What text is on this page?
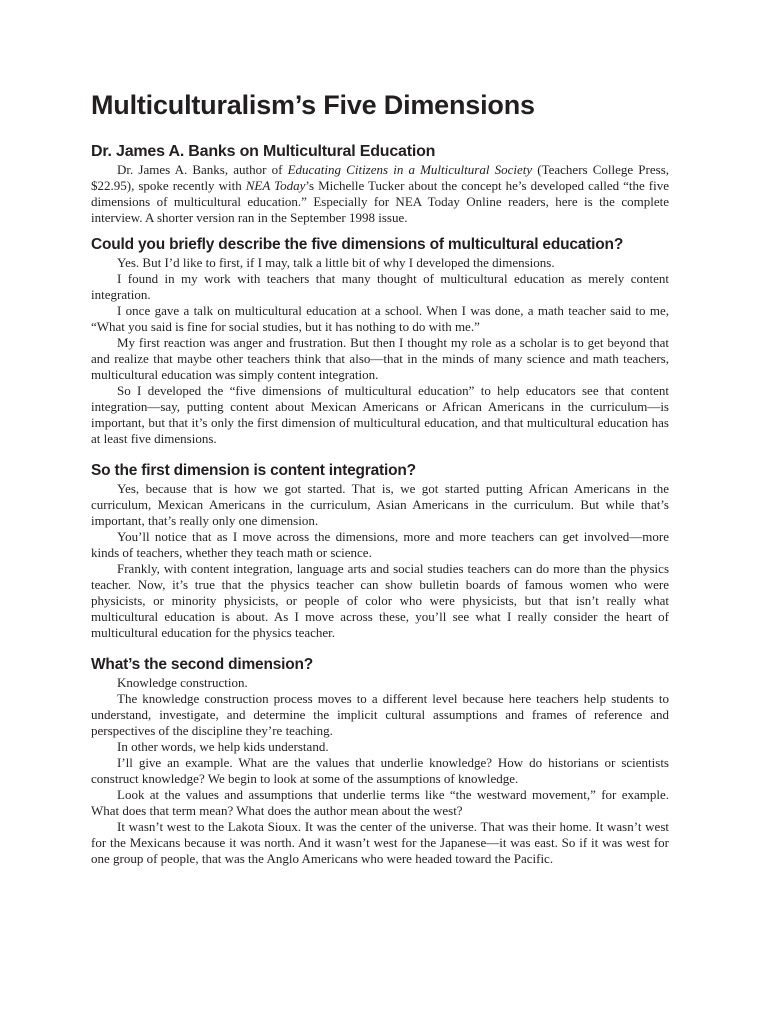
Multiculturalism’s Five Dimensions
Dr. James A. Banks on Multicultural Education

Dr. James A. Banks, author of Educating Citizens in a Multicultural Society (Teachers College Press, $22.95), spoke recently with NEA Today’s Michelle Tucker about the concept he’s developed called “the five dimensions of multicultural education.” Especially for NEA Today Online readers, here is the complete interview. A shorter version ran in the September 1998 issue.

Could you briefly describe the five dimensions of multicultural education?

Yes. But I’d like to first, if I may, talk a little bit of why I developed the dimensions.

I found in my work with teachers that many thought of multicultural education as merely content integration.

I once gave a talk on multicultural education at a school. When I was done, a math teacher said to me, “What you said is fine for social studies, but it has nothing to do with me.”

My first reaction was anger and frustration. But then I thought my role as a scholar is to get beyond that and realize that maybe other teachers think that also—that in the minds of many science and math teachers, multicultural education was simply content integration.

So I developed the “five dimensions of multicultural education” to help educators see that content integration—say, putting content about Mexican Americans or African Americans in the curriculum—is important, but that it’s only the first dimension of multicultural education, and that multicultural education has at least five dimensions.

So the first dimension is content integration?

Yes, because that is how we got started. That is, we got started putting African Americans in the curriculum, Mexican Americans in the curriculum, Asian Americans in the curriculum. But while that’s important, that’s really only one dimension.

You’ll notice that as I move across the dimensions, more and more teachers can get involved—more kinds of teachers, whether they teach math or science.

Frankly, with content integration, language arts and social studies teachers can do more than the physics teacher. Now, it’s true that the physics teacher can show bulletin boards of famous women who were physicists, or minority physicists, or people of color who were physicists, but that isn’t really what multicultural education is about. As I move across these, you’ll see what I really consider the heart of multicultural education for the physics teacher.

What’s the second dimension?

Knowledge construction.

The knowledge construction process moves to a different level because here teachers help students to understand, investigate, and determine the implicit cultural assumptions and frames of reference and perspectives of the discipline they’re teaching.

In other words, we help kids understand.

I’ll give an example. What are the values that underlie knowledge? How do historians or scientists construct knowledge? We begin to look at some of the assumptions of knowledge.

Look at the values and assumptions that underlie terms like “the westward movement,” for example. What does that term mean? What does the author mean about the west?

It wasn’t west to the Lakota Sioux. It was the center of the universe. That was their home. It wasn’t west for the Mexicans because it was north. And it wasn’t west for the Japanese—it was east. So if it was west for one group of people, that was the Anglo Americans who were headed toward the Pacific.
